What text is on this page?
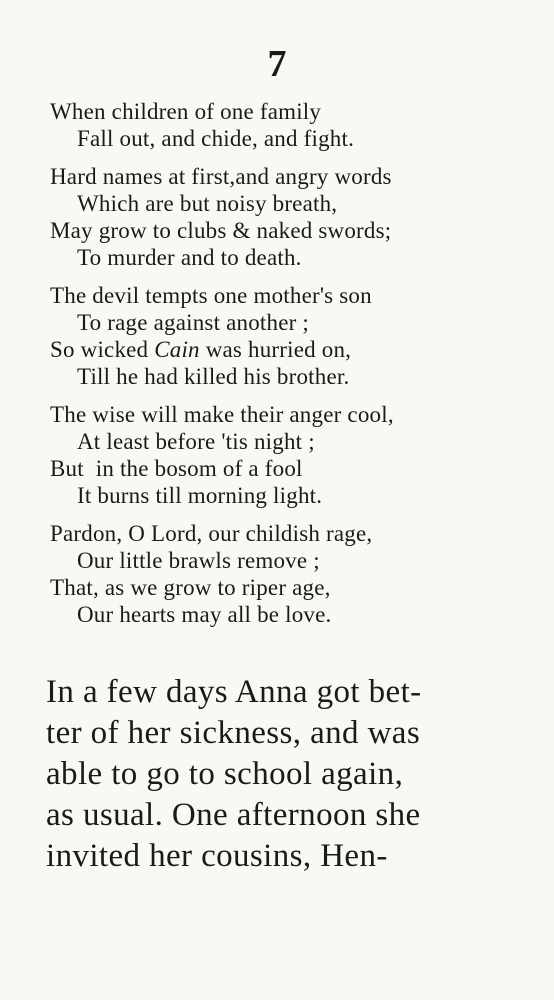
7
When children of one family
Fall out, and chide, and fight.
Hard names at first,and angry words
Which are but noisy breath,
May grow to clubs & naked swords;
To murder and to death.
The devil tempts one mother's son
To rage against another ;
So wicked Cain was hurried on,
Till he had killed his brother.
The wise will make their anger cool,
At least before 'tis night ;
But  in the bosom of a fool
It burns till morning light.
Pardon, O Lord, our childish rage,
Our little brawls remove ;
That, as we grow to riper age,
Our hearts may all be love.
In a few days Anna got bet-
ter of her sickness, and was
able to go to school again,
as usual. One afternoon she
invited her cousins, Hen-
